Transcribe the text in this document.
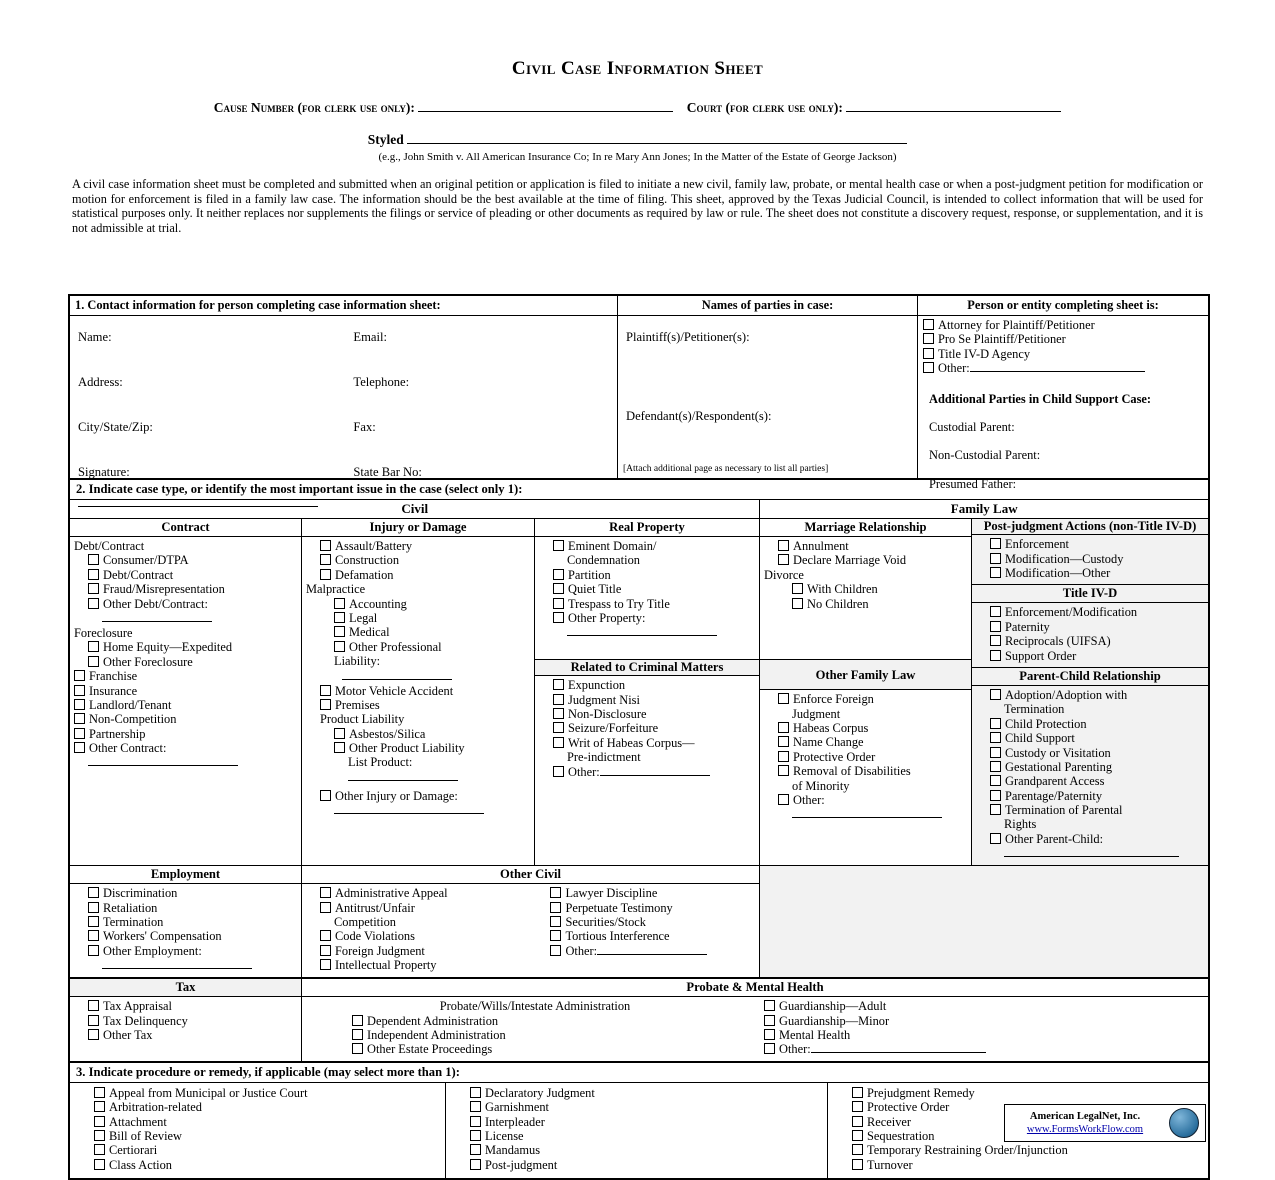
Civil Case Information Sheet
Cause Number (for clerk use only):	Court (for clerk use only):
Styled
(e.g., John Smith v. All American Insurance Co; In re Mary Ann Jones; In the Matter of the Estate of George Jackson)
A civil case information sheet must be completed and submitted when an original petition or application is filed to initiate a new civil, family law, probate, or mental health case or when a post-judgment petition for modification or motion for enforcement is filed in a family law case. The information should be the best available at the time of filing. This sheet, approved by the Texas Judicial Council, is intended to collect information that will be used for statistical purposes only. It neither replaces nor supplements the filings or service of pleading or other documents as required by law or rule. The sheet does not constitute a discovery request, response, or supplementation, and it is not admissible at trial.
1. Contact information for person completing case information sheet:
Name:	Email:
Address:	Telephone:
City/State/Zip:	Fax:
Signature:	State Bar No:
Names of parties in case:
Plaintiff(s)/Petitioner(s):
Defendant(s)/Respondent(s):
[Attach additional page as necessary to list all parties]
Person or entity completing sheet is:
Attorney for Plaintiff/Petitioner
Pro Se Plaintiff/Petitioner
Title IV-D Agency
Other:
Additional Parties in Child Support Case:
Custodial Parent:
Non-Custodial Parent:
Presumed Father:
2. Indicate case type, or identify the most important issue in the case (select only 1):
Civil	Family Law
Contract
Debt/Contract
Consumer/DTPA
Debt/Contract
Fraud/Misrepresentation
Other Debt/Contract:
Foreclosure
Home Equity—Expedited
Other Foreclosure
Franchise
Insurance
Landlord/Tenant
Non-Competition
Partnership
Other Contract:
Injury or Damage
Assault/Battery
Construction
Defamation
Malpractice
Accounting
Legal
Medical
Other Professional
Liability:
Motor Vehicle Accident
Premises
Product Liability
Asbestos/Silica
Other Product Liability
List Product:
Other Injury or Damage:
Real Property
Eminent Domain/
Condemnation
Partition
Quiet Title
Trespass to Try Title
Other Property:
Related to Criminal Matters
Expunction
Judgment Nisi
Non-Disclosure
Seizure/Forfeiture
Writ of Habeas Corpus—
Pre-indictment
Other:
Marriage Relationship
Annulment
Declare Marriage Void
Divorce
With Children
No Children
Other Family Law
Enforce Foreign
Judgment
Habeas Corpus
Name Change
Protective Order
Removal of Disabilities
of Minority
Other:
Post-judgment Actions (non-Title IV-D)
Enforcement
Modification—Custody
Modification—Other
Title IV-D
Enforcement/Modification
Paternity
Reciprocals (UIFSA)
Support Order
Parent-Child Relationship
Adoption/Adoption with
Termination
Child Protection
Child Support
Custody or Visitation
Gestational Parenting
Grandparent Access
Parentage/Paternity
Termination of Parental
Rights
Other Parent-Child:
Employment
Discrimination
Retaliation
Termination
Workers' Compensation
Other Employment:
Other Civil
Administrative Appeal
Antitrust/Unfair
Competition
Code Violations
Foreign Judgment
Intellectual Property
Lawyer Discipline
Perpetuate Testimony
Securities/Stock
Tortious Interference
Other:
Tax
Tax Appraisal
Tax Delinquency
Other Tax
Probate & Mental Health
Probate/Wills/Intestate Administration
Dependent Administration
Independent Administration
Other Estate Proceedings
Guardianship—Adult
Guardianship—Minor
Mental Health
Other:
3. Indicate procedure or remedy, if applicable (may select more than 1):
Appeal from Municipal or Justice Court
Arbitration-related
Attachment
Bill of Review
Certiorari
Class Action
Declaratory Judgment
Garnishment
Interpleader
License
Mandamus
Post-judgment
Prejudgment Remedy
Protective Order
Receiver
Sequestration
Temporary Restraining Order/Injunction
Turnover
American LegalNet, Inc.
www.FormsWorkFlow.com
